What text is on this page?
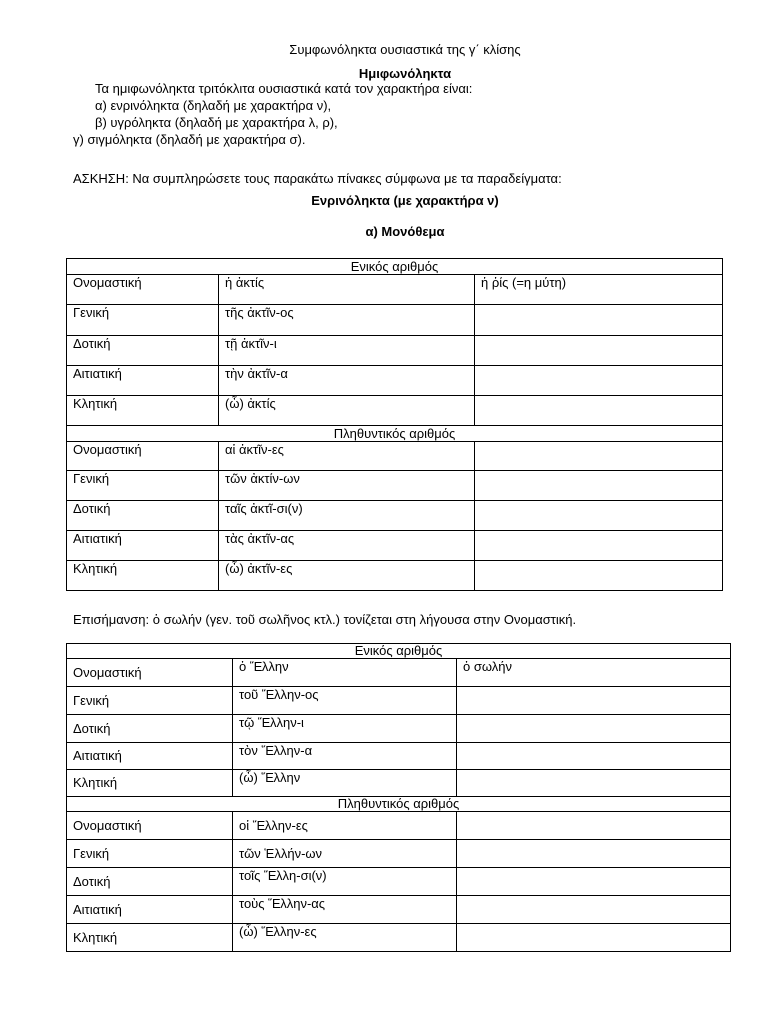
Συμφωνόληκτα ουσιαστικά της γ΄ κλίσης
Ημιφωνόληκτα
Τα ημιφωνόληκτα τριτόκλιτα ουσιαστικά κατά τον χαρακτήρα είναι:
α) ενρινόληκτα (δηλαδή με χαρακτήρα ν),
β) υγρόληκτα (δηλαδή με χαρακτήρα λ, ρ),
γ) σιγμόληκτα (δηλαδή με χαρακτήρα σ).
ΑΣΚΗΣΗ: Να συμπληρώσετε τους παρακάτω πίνακες σύμφωνα με τα παραδείγματα:
Ενρινόληκτα (με χαρακτήρα ν)
α) Μονόθεμα
Ενικός αριθμός		
Ονομαστική	ἡ ἀκτίς	ἡ ῥίς (=η μύτη)
Γενική	τῆς ἀκτῖν-ος	
Δοτική	τῇ ἀκτῖν-ι	
Αιτιατική	τὴν ἀκτῖν-α	
Κλητική	(ὦ) ἀκτίς	
Πληθυντικός αριθμός		
Ονομαστική	αἱ ἀκτῖν-ες	
Γενική	τῶν ἀκτίν-ων	
Δοτική	ταῖς ἀκτῖ-σι(ν)	
Αιτιατική	τὰς ἀκτῖν-ας	
Κλητική	(ὦ) ἀκτῖν-ες	
Επισήμανση: ὁ σωλήν (γεν. τοῦ σωλῆνος κτλ.) τονίζεται στη λήγουσα στην Ονομαστική.
Ενικός αριθμός		
Ονομαστική	ὁ Ἕλλην	ὁ σωλήν
Γενική	τοῦ Ἕλλην-ος	
Δοτική	τῷ Ἕλλην-ι	
Αιτιατική	τὸν Ἕλλην-α	
Κλητική	(ὦ) Ἕλλην	
Πληθυντικός αριθμός		
Ονομαστική	οἱ Ἕλλην-ες	
Γενική	τῶν Ἑλλήν-ων	
Δοτική	τοῖς Ἕλλη-σι(ν)	
Αιτιατική	τοὺς Ἕλλην-ας	
Κλητική	(ὦ) Ἕλλην-ες	
